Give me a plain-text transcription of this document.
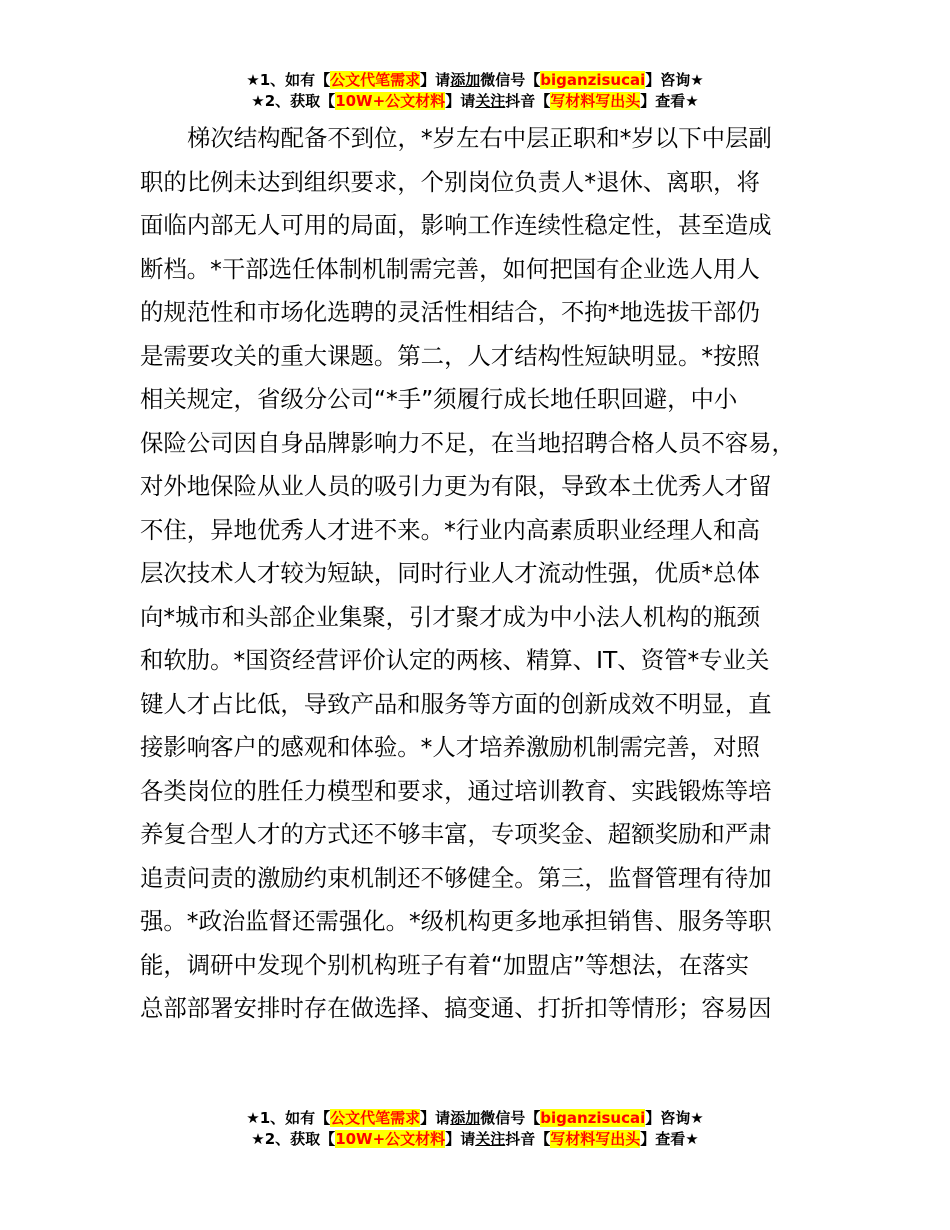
★1、如有【公文代笔需求】请添加微信号【biganzisucai】咨询★
★2、获取【10W+公文材料】请关注抖音【写材料写出头】查看★
梯次结构配备不到位，*岁左右中层正职和*岁以下中层副
职的比例未达到组织要求，个别岗位负责人*退休、离职，将
面临内部无人可用的局面，影响工作连续性稳定性，甚至造成
断档。*干部选任体制机制需完善，如何把国有企业选人用人
的规范性和市场化选聘的灵活性相结合，不拘*地选拔干部仍
是需要攻关的重大课题。第二，人才结构性短缺明显。*按照
相关规定，省级分公司“*手”须履行成长地任职回避，中小
保险公司因自身品牌影响力不足，在当地招聘合格人员不容易，
对外地保险从业人员的吸引力更为有限，导致本土优秀人才留
不住，异地优秀人才进不来。*行业内高素质职业经理人和高
层次技术人才较为短缺，同时行业人才流动性强，优质*总体
向*城市和头部企业集聚，引才聚才成为中小法人机构的瓶颈
和软肋。*国资经营评价认定的两核、精算、IT、资管*专业关
键人才占比低，导致产品和服务等方面的创新成效不明显，直
接影响客户的感观和体验。*人才培养激励机制需完善，对照
各类岗位的胜任力模型和要求，通过培训教育、实践锻炼等培
养复合型人才的方式还不够丰富，专项奖金、超额奖励和严肃
追责问责的激励约束机制还不够健全。第三，监督管理有待加
强。*政治监督还需强化。*级机构更多地承担销售、服务等职
能，调研中发现个别机构班子有着“加盟店”等想法，在落实
总部部署安排时存在做选择、搞变通、打折扣等情形；容易因
★1、如有【公文代笔需求】请添加微信号【biganzisucai】咨询★
★2、获取【10W+公文材料】请关注抖音【写材料写出头】查看★
